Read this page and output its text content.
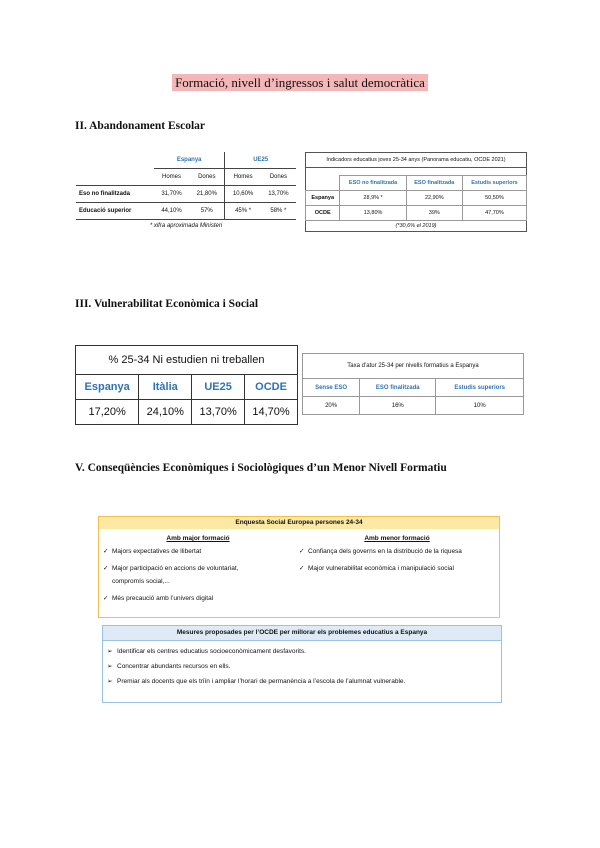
Formació, nivell d’ingressos i salut democràtica
II. Abandonament Escolar
	Espanya		UE25	
	Homes	Dones	Homes	Dones
Eso no finalitzada	31,70%	21,80%	10,60%	13,70%
Educació superior	44,10%	57%	45% *	58% *
* xifra aproximada Ministeri				
Indicadors educatius joves 25-34 anys (Panorama educatiu, OCDE 2021)			

	ESO no finalitzada	ESO finalitzada	Estudis superiors
Espanya	28,9% *	22,90%	50,50%
OCDE	13,80%	39%	47,70%
(*30,6% el 2019)			
III. Vulnerabilitat Econòmica i Social
% 25-34 Ni estudien ni treballen			
Espanya	Itàlia	UE25	OCDE
17,20%	24,10%	13,70%	14,70%
Taxa d’atur 25-34 per nivells formatius a Espanya		
Sense ESO	ESO finalitzada	Estudis superiors
20%	16%	10%
V. Conseqüències Econòmiques i Sociològiques d’un Menor Nivell Formatiu
Enquesta Social Europea persones 24-34
Amb major formació
✓ Majors expectatives de llibertat
✓ Major participació en accions de voluntariat,
compromís social,...
✓ Més precaució amb l’univers digital
Amb menor formació
✓ Confiança dels governs en la distribució de la riquesa
✓ Major vulnerabilitat econòmica i manipulació social
Mesures proposades per l’OCDE per millorar els problemes educatius a Espanya
➢ Identificar els centres educatius socioeconòmicament desfavorits.
➢ Concentrar abundants recursos en ells.
➢ Premiar als docents que els triïn i ampliar l’horari de permanència a l’escola de l’alumnat vulnerable.
